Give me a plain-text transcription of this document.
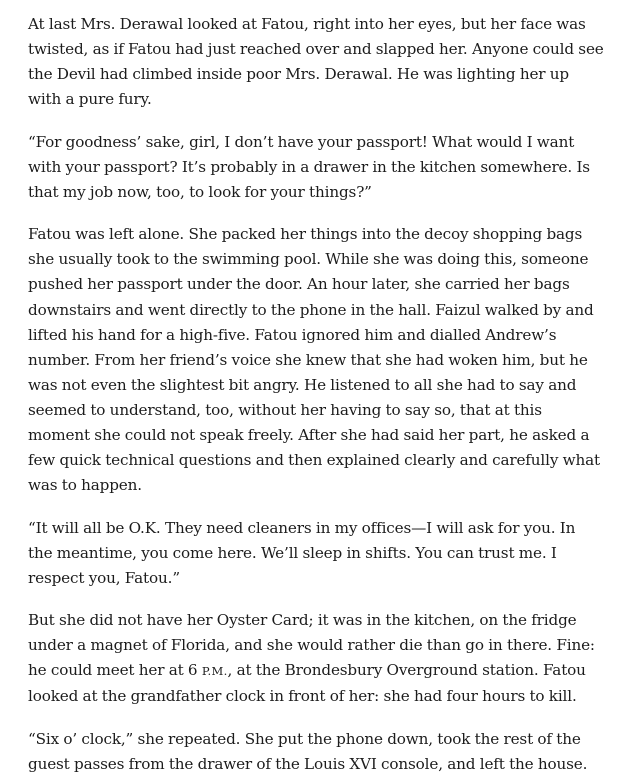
At last Mrs. Derawal looked at Fatou, right into her eyes, but her face was twisted, as if Fatou had just reached over and slapped her. Anyone could see the Devil had climbed inside poor Mrs. Derawal. He was lighting her up with a pure fury.

“For goodness’ sake, girl, I don’t have your passport! What would I want with your passport? It’s probably in a drawer in the kitchen somewhere. Is that my job now, too, to look for your things?”

Fatou was left alone. She packed her things into the decoy shopping bags she usually took to the swimming pool. While she was doing this, someone pushed her passport under the door. An hour later, she carried her bags downstairs and went directly to the phone in the hall. Faizul walked by and lifted his hand for a high-five. Fatou ignored him and dialled Andrew’s number. From her friend’s voice she knew that she had woken him, but he was not even the slightest bit angry. He listened to all she had to say and seemed to understand, too, without her having to say so, that at this moment she could not speak freely. After she had said her part, he asked a few quick technical questions and then explained clearly and carefully what was to happen.

“It will all be O.K. They need cleaners in my offices—I will ask for you. In the meantime, you come here. We’ll sleep in shifts. You can trust me. I respect you, Fatou.”

But she did not have her Oyster Card; it was in the kitchen, on the fridge under a magnet of Florida, and she would rather die than go in there. Fine: he could meet her at 6 P.M., at the Brondesbury Overground station. Fatou looked at the grandfather clock in front of her: she had four hours to kill.

“Six o’ clock,” she repeated. She put the phone down, took the rest of the guest passes from the drawer of the Louis XVI console, and left the house.
